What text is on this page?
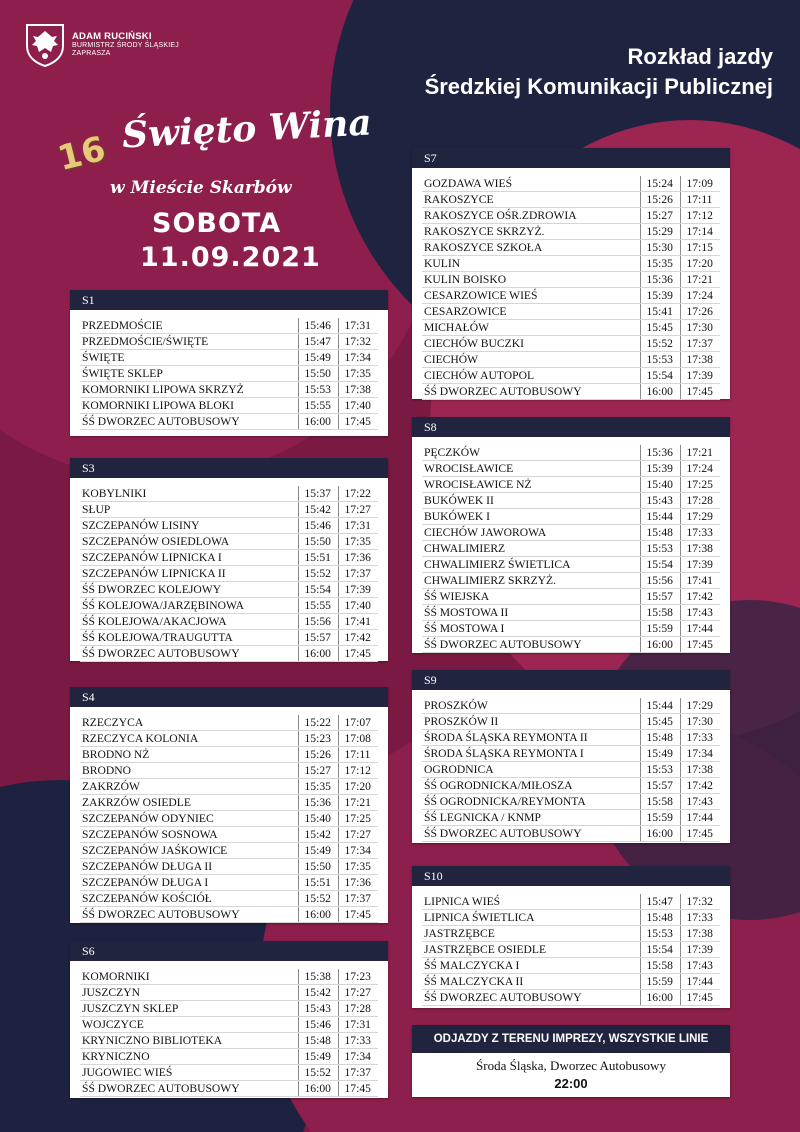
ADAM RUCIŃSKI
BURMISTRZ ŚRODY ŚLĄSKIEJ
ZAPRASZA	Rozkład jazdy
Średzkiej Komunikacji Publicznej
16 Święto Wina
w Mieście Skarbów
SOBOTA
11.09.2021
S1
PRZEDMOŚCIE	15:46	17:31
PRZEDMOŚCIE/ŚWIĘTE	15:47	17:32
ŚWIĘTE	15:49	17:34
ŚWIĘTE SKLEP	15:50	17:35
KOMORNIKI LIPOWA SKRZYŻ	15:53	17:38
KOMORNIKI LIPOWA BLOKI	15:55	17:40
ŚŚ DWORZEC AUTOBUSOWY	16:00	17:45
S3
KOBYLNIKI	15:37	17:22
SŁUP	15:42	17:27
SZCZEPANÓW LISINY	15:46	17:31
SZCZEPANÓW OSIEDLOWA	15:50	17:35
SZCZEPANÓW LIPNICKA I	15:51	17:36
SZCZEPANÓW LIPNICKA II	15:52	17:37
ŚŚ DWORZEC KOLEJOWY	15:54	17:39
ŚŚ KOLEJOWA/JARZĘBINOWA	15:55	17:40
ŚŚ KOLEJOWA/AKACJOWA	15:56	17:41
ŚŚ KOLEJOWA/TRAUGUTTA	15:57	17:42
ŚŚ DWORZEC AUTOBUSOWY	16:00	17:45
S4
RZECZYCA	15:22	17:07
RZECZYCA KOLONIA	15:23	17:08
BRODNO NŻ	15:26	17:11
BRODNO	15:27	17:12
ZAKRZÓW	15:35	17:20
ZAKRZÓW OSIEDLE	15:36	17:21
SZCZEPANÓW ODYNIEC	15:40	17:25
SZCZEPANÓW SOSNOWA	15:42	17:27
SZCZEPANÓW JAŚKOWICE	15:49	17:34
SZCZEPANÓW DŁUGA II	15:50	17:35
SZCZEPANÓW DŁUGA I	15:51	17:36
SZCZEPANÓW KOŚCIÓŁ	15:52	17:37
ŚŚ DWORZEC AUTOBUSOWY	16:00	17:45
S6
KOMORNIKI	15:38	17:23
JUSZCZYN	15:42	17:27
JUSZCZYN SKLEP	15:43	17:28
WOJCZYCE	15:46	17:31
KRYNICZNO BIBLIOTEKA	15:48	17:33
KRYNICZNO	15:49	17:34
JUGOWIEC WIEŚ	15:52	17:37
ŚŚ DWORZEC AUTOBUSOWY	16:00	17:45
S7
GOZDAWA WIEŚ	15:24	17:09
RAKOSZYCE	15:26	17:11
RAKOSZYCE OŚR.ZDROWIA	15:27	17:12
RAKOSZYCE SKRZYŻ.	15:29	17:14
RAKOSZYCE SZKOŁA	15:30	17:15
KULIN	15:35	17:20
KULIN BOISKO	15:36	17:21
CESARZOWICE WIEŚ	15:39	17:24
CESARZOWICE	15:41	17:26
MICHAŁÓW	15:45	17:30
CIECHÓW BUCZKI	15:52	17:37
CIECHÓW	15:53	17:38
CIECHÓW AUTOPOL	15:54	17:39
ŚŚ DWORZEC AUTOBUSOWY	16:00	17:45
S8
PĘCZKÓW	15:36	17:21
WROCISŁAWICE	15:39	17:24
WROCISŁAWICE NŻ	15:40	17:25
BUKÓWEK II	15:43	17:28
BUKÓWEK I	15:44	17:29
CIECHÓW JAWOROWA	15:48	17:33
CHWALIMIERZ	15:53	17:38
CHWALIMIERZ ŚWIETLICA	15:54	17:39
CHWALIMIERZ SKRZYŻ.	15:56	17:41
ŚŚ WIEJSKA	15:57	17:42
ŚŚ MOSTOWA II	15:58	17:43
ŚŚ MOSTOWA I	15:59	17:44
ŚŚ DWORZEC AUTOBUSOWY	16:00	17:45
S9
PROSZKÓW	15:44	17:29
PROSZKÓW II	15:45	17:30
ŚRODA ŚLĄSKA REYMONTA II	15:48	17:33
ŚRODA ŚLĄSKA REYMONTA I	15:49	17:34
OGRODNICA	15:53	17:38
ŚŚ OGRODNICKA/MIŁOSZA	15:57	17:42
ŚŚ OGRODNICKA/REYMONTA	15:58	17:43
ŚŚ LEGNICKA / KNMP	15:59	17:44
ŚŚ DWORZEC AUTOBUSOWY	16:00	17:45
S10
LIPNICA WIEŚ	15:47	17:32
LIPNICA ŚWIETLICA	15:48	17:33
JASTRZĘBCE	15:53	17:38
JASTRZĘBCE OSIEDLE	15:54	17:39
ŚŚ MALCZYCKA I	15:58	17:43
ŚŚ MALCZYCKA II	15:59	17:44
ŚŚ DWORZEC AUTOBUSOWY	16:00	17:45
ODJAZDY Z TERENU IMPREZY, WSZYSTKIE LINIE
Środa Śląska, Dworzec Autobusowy
22:00
